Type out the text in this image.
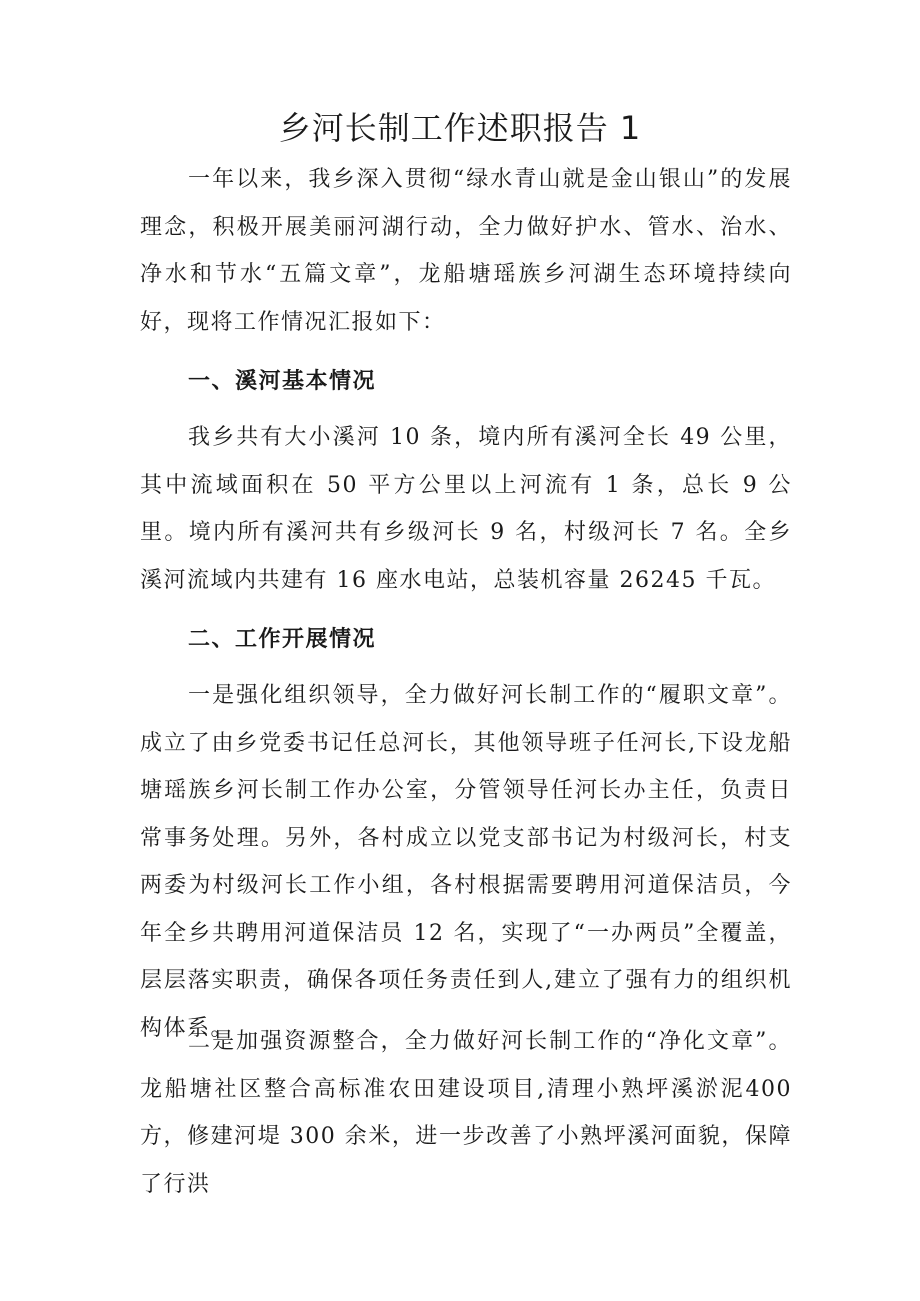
乡河长制工作述职报告 1

一年以来，我乡深入贯彻“绿水青山就是金山银山”的发展理念，积极开展美丽河湖行动，全力做好护水、管水、治水、净水和节水“五篇文章”，龙船塘瑶族乡河湖生态环境持续向好，现将工作情况汇报如下：

一、溪河基本情况

我乡共有大小溪河 10 条，境内所有溪河全长 49 公里，其中流域面积在 50 平方公里以上河流有 1 条，总长 9 公里。境内所有溪河共有乡级河长 9 名，村级河长 7 名。全乡溪河流域内共建有 16 座水电站，总装机容量 26245 千瓦。

二、工作开展情况

一是强化组织领导，全力做好河长制工作的“履职文章”。成立了由乡党委书记任总河长，其他领导班子任河长,下设龙船塘瑶族乡河长制工作办公室，分管领导任河长办主任，负责日常事务处理。另外，各村成立以党支部书记为村级河长，村支两委为村级河长工作小组，各村根据需要聘用河道保洁员，今年全乡共聘用河道保洁员 12 名，实现了“一办两员”全覆盖，层层落实职责，确保各项任务责任到人,建立了强有力的组织机构体系。

二是加强资源整合，全力做好河长制工作的“净化文章”。龙船塘社区整合高标准农田建设项目,清理小熟坪溪淤泥400方，修建河堤 300 余米，进一步改善了小熟坪溪河面貌，保障了行洪
